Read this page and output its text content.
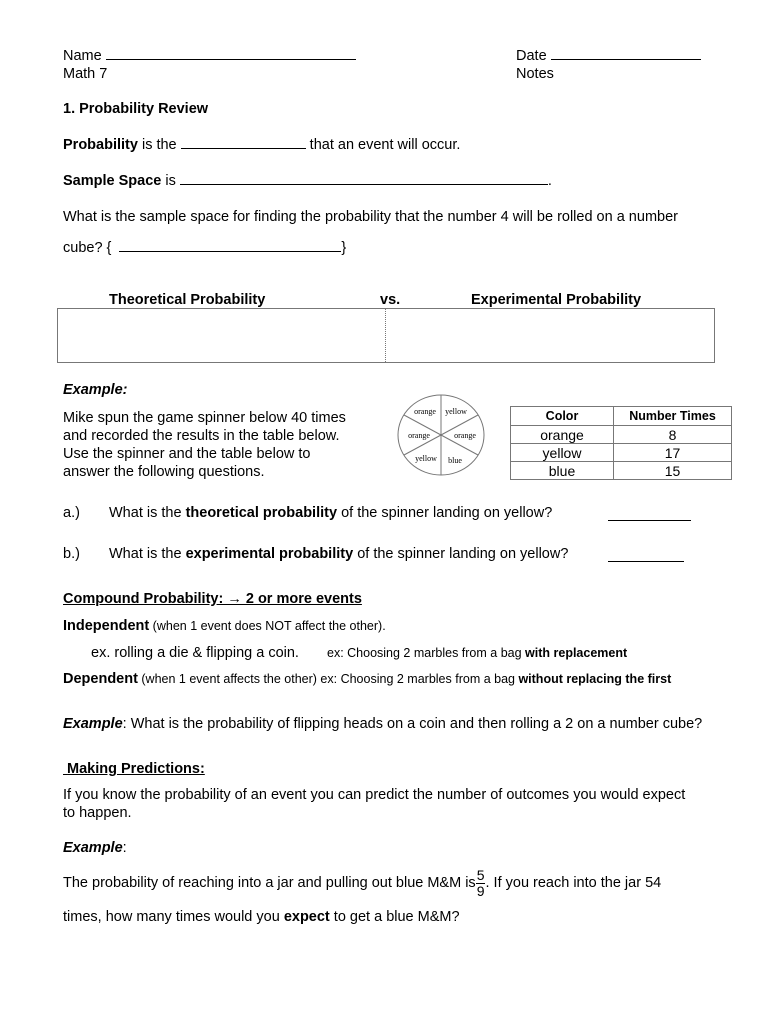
Name
Math 7
Date
Notes
1. Probability Review
Probability is the	that an event will occur.
Sample Space is	.
What is the sample space for finding the probability that the number 4 will be rolled on a number
cube? {	}
Theoretical Probability	vs.	Experimental Probability
Example:
Mike spun the game spinner below 40 times
and recorded the results in the table below.
Use the spinner and the table below to
answer the following questions.
orange yellow
orange	orange
yellow blue
Color	Number Times
orange	8
yellow	17
blue	15
a.) What is the theoretical probability of the spinner landing on yellow?
b.) What is the experimental probability of the spinner landing on yellow?
Compound Probability: → 2 or more events
Independent (when 1 event does NOT affect the other).
ex. rolling a die & flipping a coin. ex: Choosing 2 marbles from a bag with replacement
Dependent (when 1 event affects the other) ex: Choosing 2 marbles from a bag without replacing the first
Example: What is the probability of flipping heads on a coin and then rolling a 2 on a number cube?
Making Predictions:
If you know the probability of an event you can predict the number of outcomes you would expect
to happen.
Example:
The probability of reaching into a jar and pulling out blue M&M is $\frac{5}{9}$ . If you reach into the jar 54
times, how many times would you expect to get a blue M&M?
